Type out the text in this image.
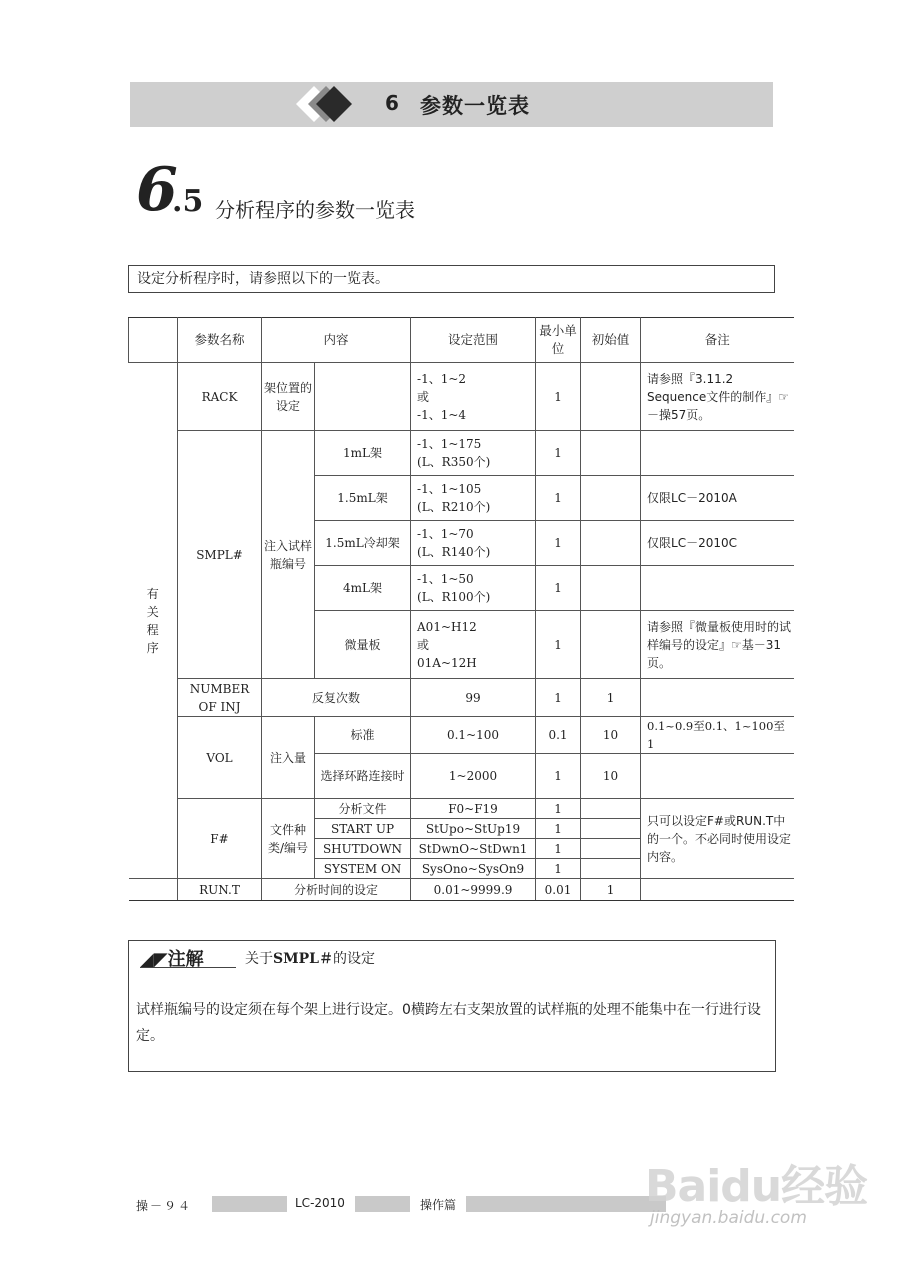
6 参数一览表
6
.5 分析程序的参数一览表
设定分析程序时，请参照以下的一览表。
	参数名称	内容		设定范围	最小单位	初始值	备注
有
关
程
序	RACK	架位置的设定		-1、1~2
或
-1、1~4	1		请参照『3.11.2 Sequence文件的制作』☞－操57页。
	SMPL#	注入试样瓶编号	1mL架	-1、1~175
(L、R350个)	1		
			1.5mL架	-1、1~105
(L、R210个)	1		仅限LC－2010A
			1.5mL冷却架	-1、1~70
(L、R140个)	1		仅限LC－2010C
			4mL架	-1、1~50
(L、R100个)	1		
			微量板	A01~H12
或
01A~12H	1		请参照『微量板使用时的试样编号的设定』☞基－31页。
	NUMBER OF INJ	反复次数		99	1	1	
	VOL	注入量	标准	0.1~100	0.1	10	0.1~0.9至0.1、1~100至1
			选择环路连接时	1~2000	1	10	
	F#	文件种类/编号	分析文件	F0~F19	1		只可以设定F#或RUN.T中的一个。不必同时使用设定内容。
			START UP	StUpo~StUp19	1		
			SHUTDOWN	StDwnO~StDwn1	1		
			SYSTEM ON	SysOno~SysOn9	1		
	RUN.T	分析时间的设定		0.01~9999.9	0.01	1	
◢◤注解	关于SMPL＃的设定
试样瓶编号的设定须在每个架上进行设定。0横跨左右支架放置的试样瓶的处理不能集中在一行进行设定。
操－９４	LC-2010	操作篇	Baidu经验
jingyan.baidu.com
